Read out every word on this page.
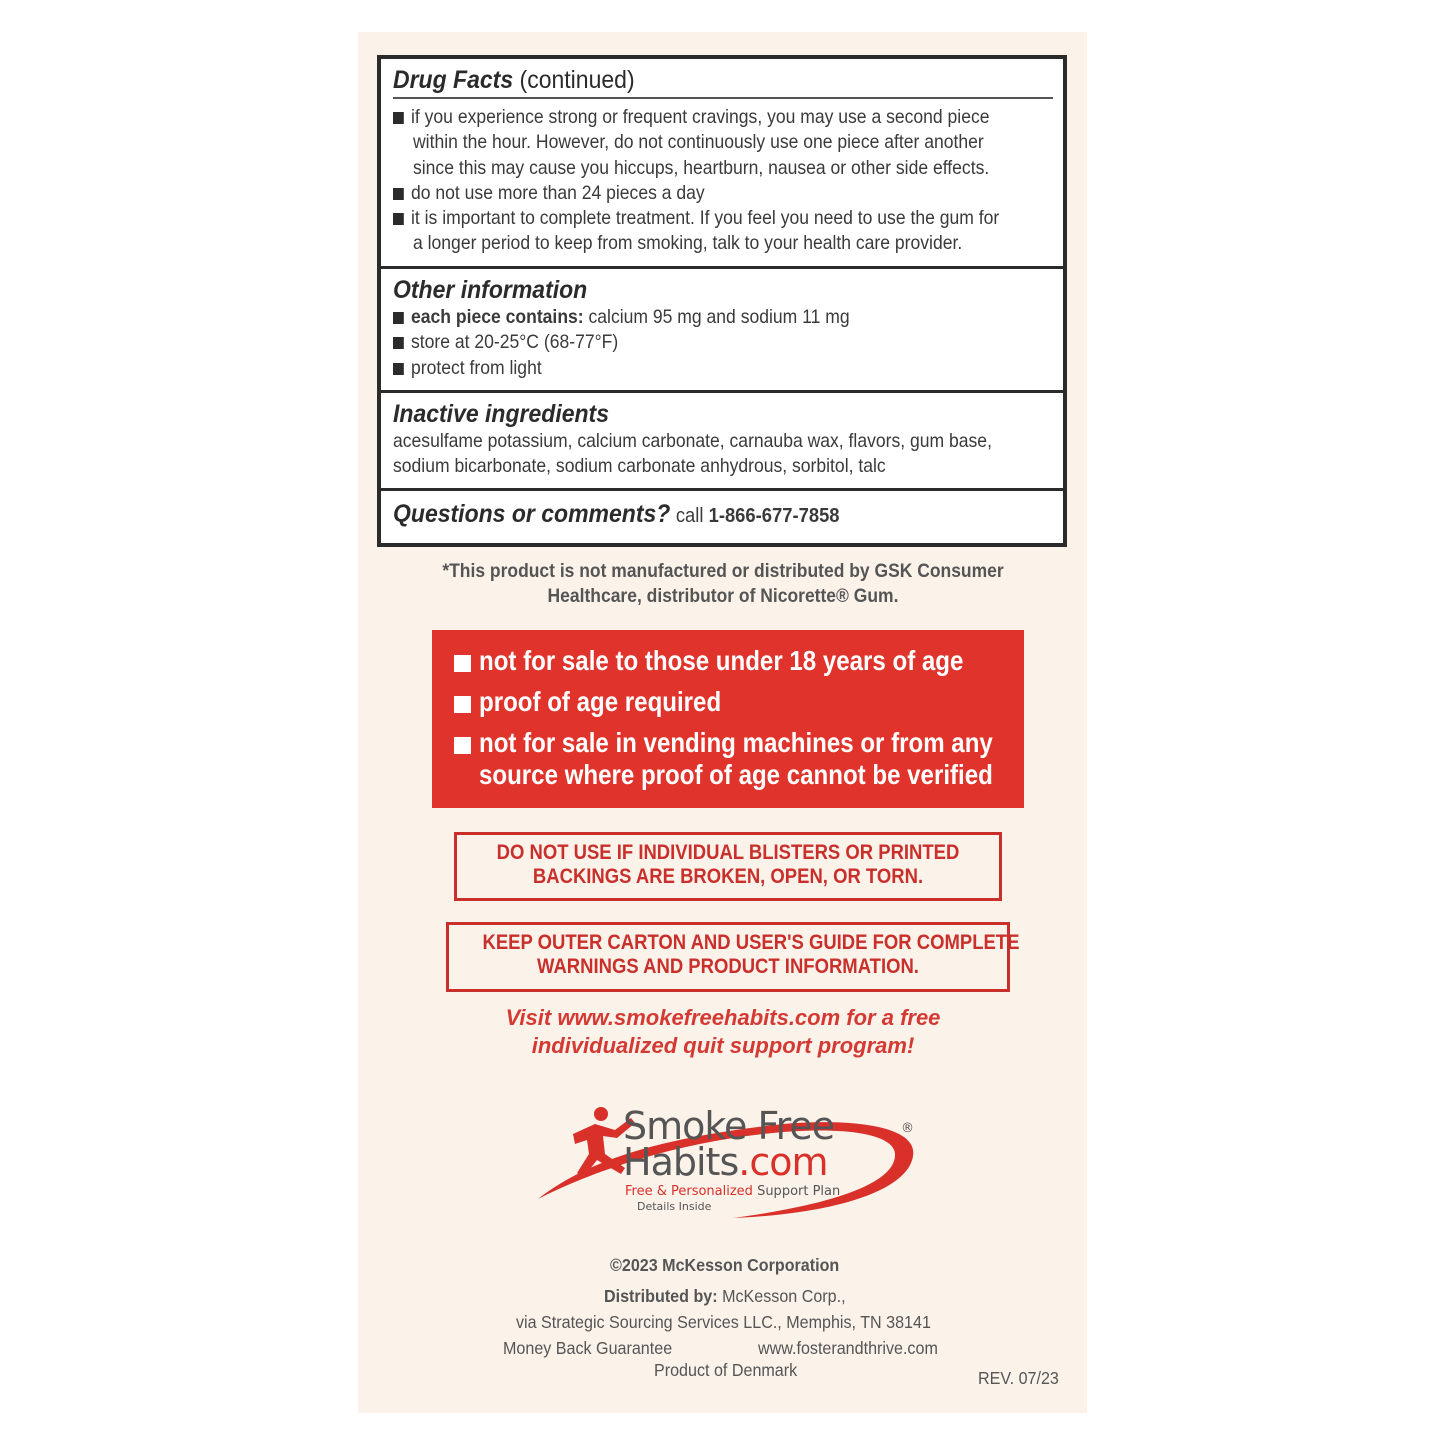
Drug Facts (continued)
if you experience strong or frequent cravings, you may use a second piece
within the hour. However, do not continuously use one piece after another
since this may cause you hiccups, heartburn, nausea or other side effects.
do not use more than 24 pieces a day
it is important to complete treatment. If you feel you need to use the gum for
a longer period to keep from smoking, talk to your health care provider.
Other information
each piece contains: calcium 95 mg and sodium 11 mg
store at 20-25°C (68-77°F)
protect from light
Inactive ingredients
acesulfame potassium, calcium carbonate, carnauba wax, flavors, gum base,
sodium bicarbonate, sodium carbonate anhydrous, sorbitol, talc
Questions or comments? call 1-866-677-7858
*This product is not manufactured or distributed by GSK Consumer
Healthcare, distributor of Nicorette® Gum.
not for sale to those under 18 years of age
proof of age required
not for sale in vending machines or from any
source where proof of age cannot be verified
DO NOT USE IF INDIVIDUAL BLISTERS OR PRINTED
BACKINGS ARE BROKEN, OPEN, OR TORN.
KEEP OUTER CARTON AND USER'S GUIDE FOR COMPLETE
WARNINGS AND PRODUCT INFORMATION.
Visit www.smokefreehabits.com for a free
individualized quit support program!
®
Smoke Free
Habits.com
Free & Personalized Support Plan
Details Inside
©2023 McKesson Corporation
Distributed by: McKesson Corp.,
via Strategic Sourcing Services LLC., Memphis, TN 38141
Money Back Guarantee	www.fosterandthrive.com
Product of Denmark	REV. 07/23
